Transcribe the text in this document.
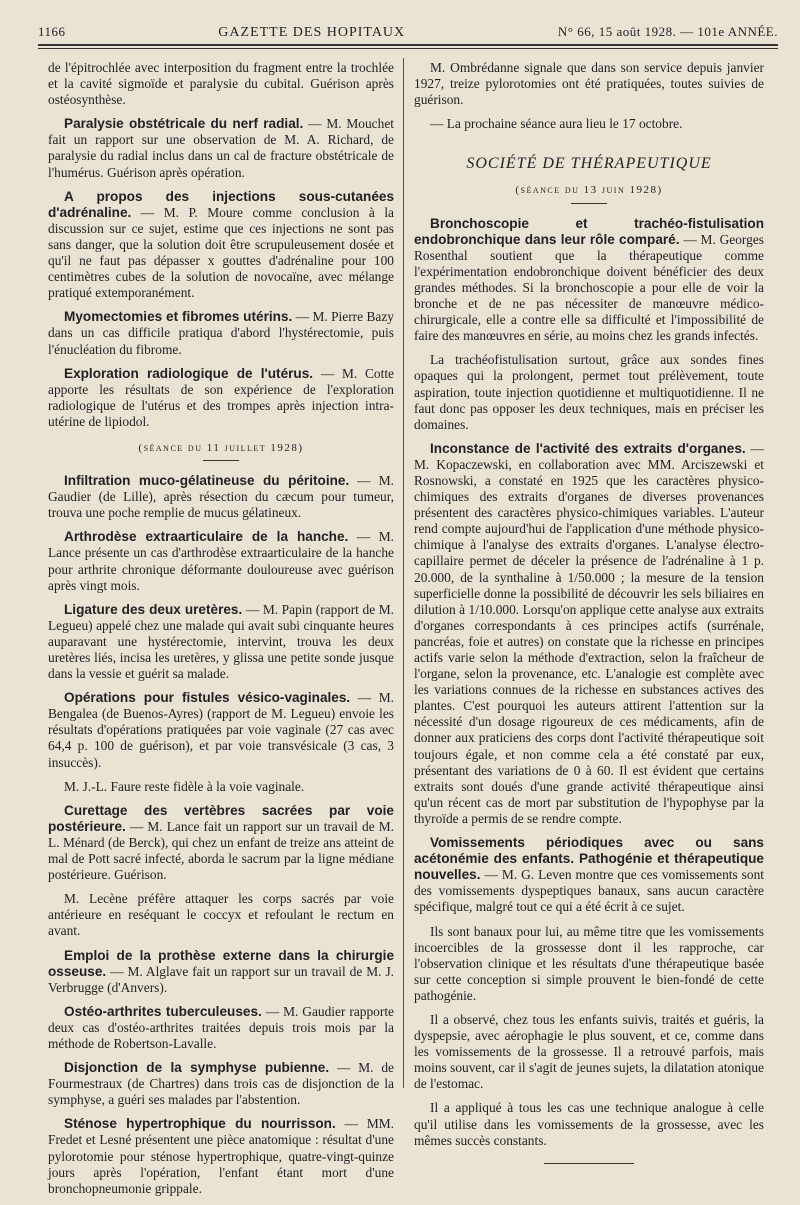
1166	GAZETTE DES HOPITAUX	N° 66, 15 août 1928. — 101e ANNÉE.

de l'épitrochlée avec interposition du fragment entre la trochlée et la cavité sigmoïde et paralysie du cubital. Guérison après ostéosynthèse.

Paralysie obstétricale du nerf radial. — M. Mouchet fait un rapport sur une observation de M. A. Richard, de paralysie du radial inclus dans un cal de fracture obstétricale de l'humérus. Guérison après opération.

A propos des injections sous-cutanées d'adrénaline. — M. P. Moure comme conclusion à la discussion sur ce sujet, estime que ces injections ne sont pas sans danger, que la solution doit être scrupuleusement dosée et qu'il ne faut pas dépasser x gouttes d'adrénaline pour 100 centimètres cubes de la solution de novocaïne, avec mélange pratiqué extemporanément.

Myomectomies et fibromes utérins. — M. Pierre Bazy dans un cas difficile pratiqua d'abord l'hystérectomie, puis l'énucléation du fibrome.

Exploration radiologique de l'utérus. — M. Cotte apporte les résultats de son expérience de l'exploration radiologique de l'utérus et des trompes après injection intra-utérine de lipiodol.

(séance du 11 juillet 1928)

Infiltration muco-gélatineuse du péritoine. — M. Gaudier (de Lille), après résection du cæcum pour tumeur, trouva une poche remplie de mucus gélatineux.

Arthrodèse extraarticulaire de la hanche. — M. Lance présente un cas d'arthrodèse extraarticulaire de la hanche pour arthrite chronique déformante douloureuse avec guérison après vingt mois.

Ligature des deux uretères. — M. Papin (rapport de M. Legueu) appelé chez une malade qui avait subi cinquante heures auparavant une hystérectomie, intervint, trouva les deux uretères liés, incisa les uretères, y glissa une petite sonde jusque dans la vessie et guérit sa malade.

Opérations pour fistules vésico-vaginales. — M. Bengalea (de Buenos-Ayres) (rapport de M. Legueu) envoie les résultats d'opérations pratiquées par voie vaginale (27 cas avec 64,4 p. 100 de guérison), et par voie transvésicale (3 cas, 3 insuccès).

M. J.-L. Faure reste fidèle à la voie vaginale.

Curettage des vertèbres sacrées par voie postérieure. — M. Lance fait un rapport sur un travail de M. L. Ménard (de Berck), qui chez un enfant de treize ans atteint de mal de Pott sacré infecté, aborda le sacrum par la ligne médiane postérieure. Guérison.

M. Lecène préfère attaquer les corps sacrés par voie antérieure en reséquant le coccyx et refoulant le rectum en avant.

Emploi de la prothèse externe dans la chirurgie osseuse. — M. Alglave fait un rapport sur un travail de M. J. Verbrugge (d'Anvers).

Ostéo-arthrites tuberculeuses. — M. Gaudier rapporte deux cas d'ostéo-arthrites traitées depuis trois mois par la méthode de Robertson-Lavalle.

Disjonction de la symphyse pubienne. — M. de Fourmestraux (de Chartres) dans trois cas de disjonction de la symphyse, a guéri ses malades par l'abstention.

Sténose hypertrophique du nourrisson. — MM. Fredet et Lesné présentent une pièce anatomique : résultat d'une pylorotomie pour sténose hypertrophique, quatre-vingt-quinze jours après l'opération, l'enfant étant mort d'une bronchopneumonie grippale.

M. Ombrédanne signale que dans son service depuis janvier 1927, treize pylorotomies ont été pratiquées, toutes suivies de guérison.

— La prochaine séance aura lieu le 17 octobre.

SOCIÉTÉ DE THÉRAPEUTIQUE
(séance du 13 juin 1928)

Bronchoscopie et trachéo-fistulisation endobronchique dans leur rôle comparé. — M. Georges Rosenthal soutient que la thérapeutique comme l'expérimentation endobronchique doivent bénéficier des deux grandes méthodes. Si la bronchoscopie a pour elle de voir la bronche et de ne pas nécessiter de manœuvre médico-chirurgicale, elle a contre elle sa difficulté et l'impossibilité de faire des manœuvres en série, au moins chez les grands infectés.

La trachéofistulisation surtout, grâce aux sondes fines opaques qui la prolongent, permet tout prélèvement, toute aspiration, toute injection quotidienne et multiquotidienne. Il ne faut donc pas opposer les deux techniques, mais en préciser les domaines.

Inconstance de l'activité des extraits d'organes. — M. Kopaczewski, en collaboration avec MM. Arciszewski et Rosnowski, a constaté en 1925 que les caractères physico-chimiques des extraits d'organes de diverses provenances présentent des caractères physico-chimiques variables. L'auteur rend compte aujourd'hui de l'application d'une méthode physico-chimique à l'analyse des extraits d'organes. L'analyse électro-capillaire permet de déceler la présence de l'adrénaline à 1 p. 20.000, de la synthaline à 1/50.000 ; la mesure de la tension superficielle donne la possibilité de découvrir les sels biliaires en dilution à 1/10.000. Lorsqu'on applique cette analyse aux extraits d'organes correspondants à ces principes actifs (surrénale, pancréas, foie et autres) on constate que la richesse en principes actifs varie selon la méthode d'extraction, selon la fraîcheur de l'organe, selon la provenance, etc. L'analogie est complète avec les variations connues de la richesse en substances actives des plantes. C'est pourquoi les auteurs attirent l'attention sur la nécessité d'un dosage rigoureux de ces médicaments, afin de donner aux praticiens des corps dont l'activité thérapeutique soit toujours égale, et non comme cela a été constaté par eux, présentant des variations de 0 à 60. Il est évident que certains extraits sont doués d'une grande activité thérapeutique ainsi qu'un récent cas de mort par substitution de l'hypophyse par la thyroïde a permis de se rendre compte.

Vomissements périodiques avec ou sans acétonémie des enfants. Pathogénie et thérapeutique nouvelles. — M. G. Leven montre que ces vomissements sont des vomissements dyspeptiques banaux, sans aucun caractère spécifique, malgré tout ce qui a été écrit à ce sujet.

Ils sont banaux pour lui, au même titre que les vomissements incoercibles de la grossesse dont il les rapproche, car l'observation clinique et les résultats d'une thérapeutique basée sur cette conception si simple prouvent le bien-fondé de cette pathogénie.

Il a observé, chez tous les enfants suivis, traités et guéris, la dyspepsie, avec aérophagie le plus souvent, et ce, comme dans les vomissements de la grossesse. Il a retrouvé parfois, mais moins souvent, car il s'agit de jeunes sujets, la dilatation atonique de l'estomac.

Il a appliqué à tous les cas une technique analogue à celle qu'il utilise dans les vomissements de la grossesse, avec les mêmes succès constants.
